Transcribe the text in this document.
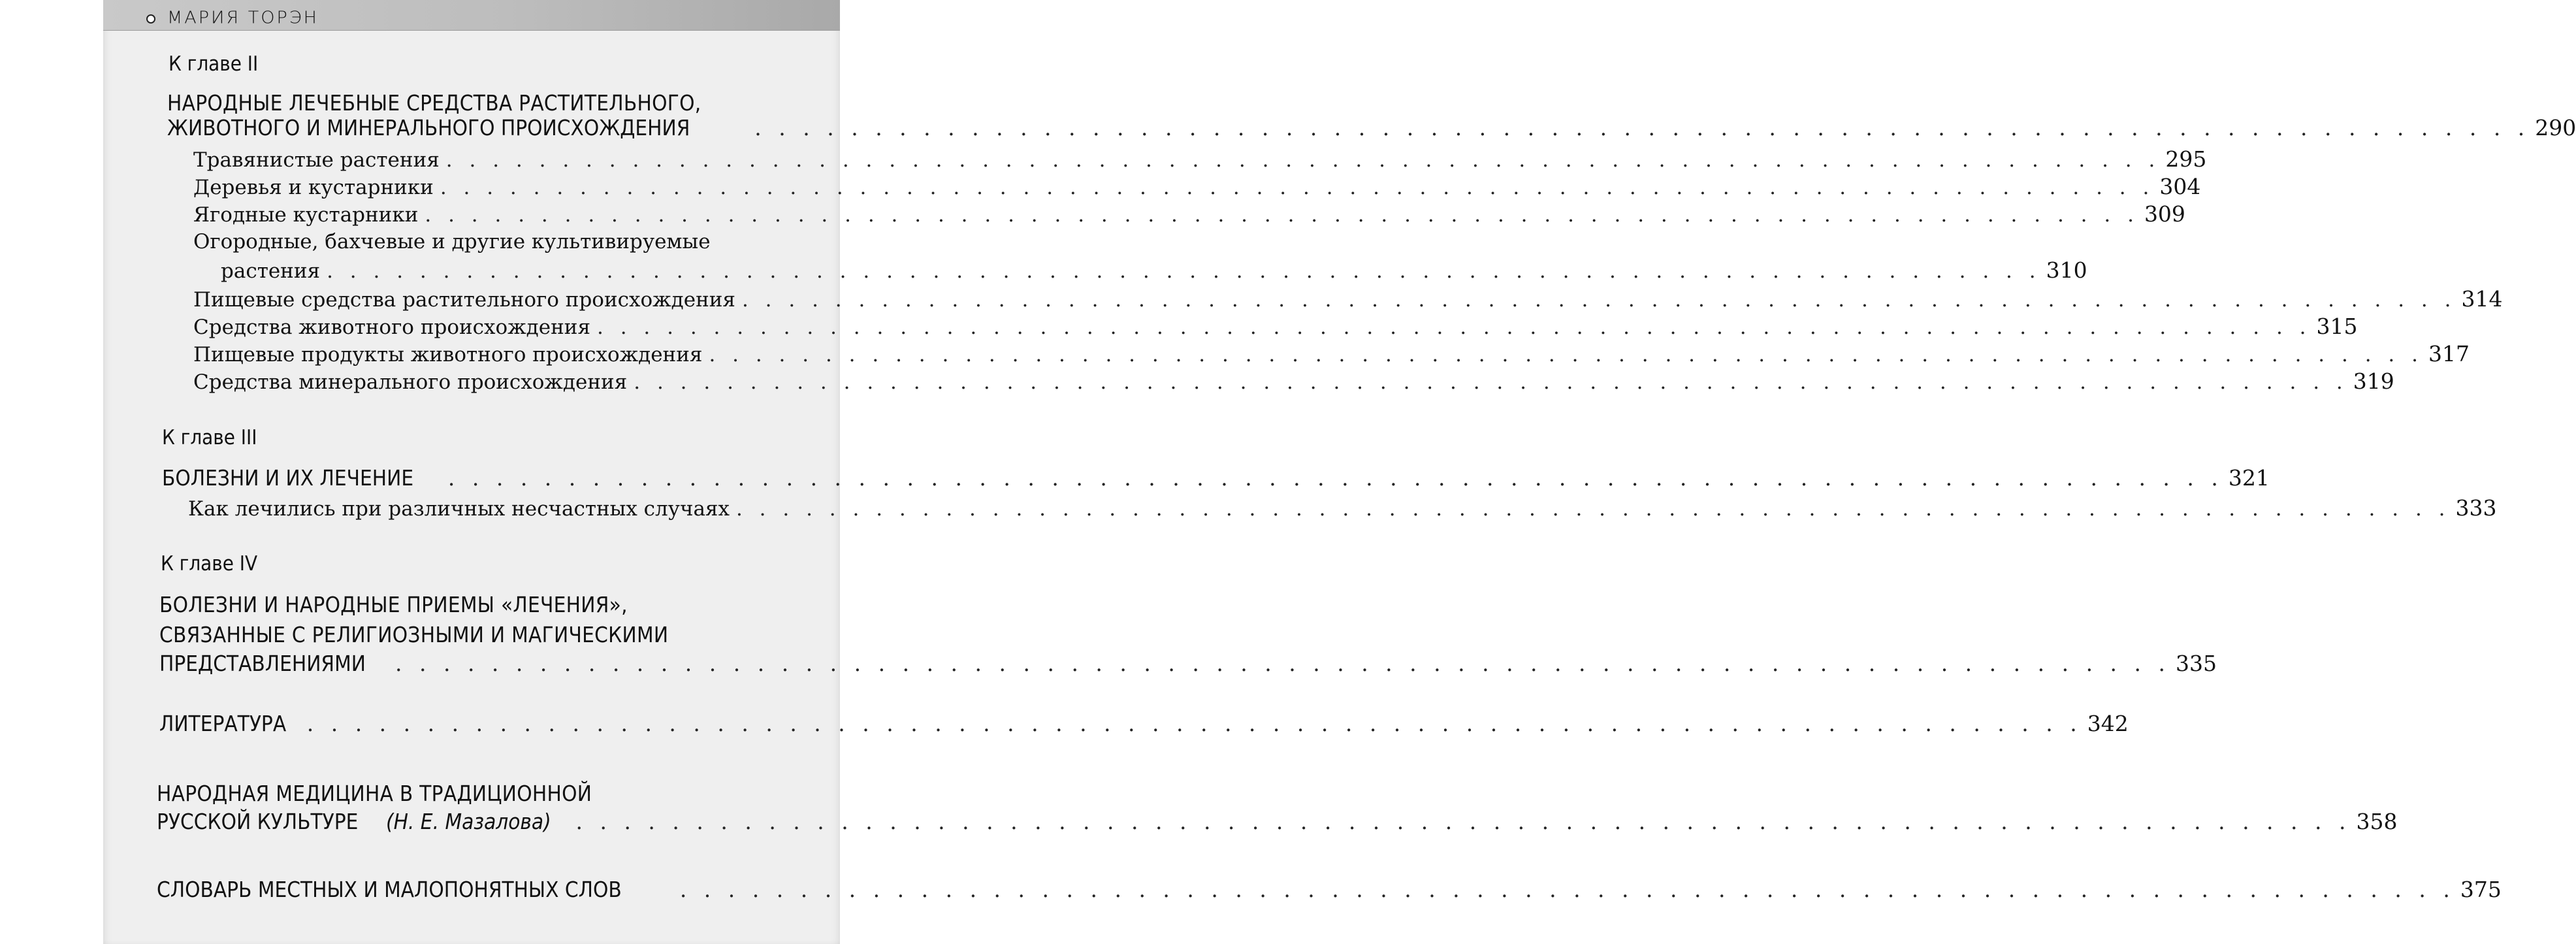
МАРИЯ ТОРЭН
К главе II
НАРОДНЫЕ ЛЕЧЕБНЫЕ СРЕДСТВА РАСТИТЕЛЬНОГО,
ЖИВОТНОГО И МИНЕРАЛЬНОГО ПРОИСХОЖДЕНИЯ	. . . . . . . . . . . . . . . . . . . . . . . . . . . . . . . . . . . . . . . . . . . . . . . . . . . . . . . . . . . . . . . . . . . . . . . . . . 290
Травянистые растения . . . . . . . . . . . . . . . . . . . . . . . . . . . . . . . . . . . . . . . . . . . . . . . . . . . . . . . . . . . . . . . . . . . . . . . . . . 295
Деревья и кустарники . . . . . . . . . . . . . . . . . . . . . . . . . . . . . . . . . . . . . . . . . . . . . . . . . . . . . . . . . . . . . . . . . . . . . . . . . . 304
Ягодные кустарники . . . . . . . . . . . . . . . . . . . . . . . . . . . . . . . . . . . . . . . . . . . . . . . . . . . . . . . . . . . . . . . . . . . . . . . . . . 309
Огородные, бахчевые и другие культивируемые
растения . . . . . . . . . . . . . . . . . . . . . . . . . . . . . . . . . . . . . . . . . . . . . . . . . . . . . . . . . . . . . . . . . . . . . . . . . . 310
Пищевые средства растительного происхождения . . . . . . . . . . . . . . . . . . . . . . . . . . . . . . . . . . . . . . . . . . . . . . . . . . . . . . . . . . . . . . . . . . . . . . . . . . 314
Средства животного происхождения . . . . . . . . . . . . . . . . . . . . . . . . . . . . . . . . . . . . . . . . . . . . . . . . . . . . . . . . . . . . . . . . . . . . . . . . . . 315
Пищевые продукты животного происхождения . . . . . . . . . . . . . . . . . . . . . . . . . . . . . . . . . . . . . . . . . . . . . . . . . . . . . . . . . . . . . . . . . . . . . . . . . . 317
Средства минерального происхождения . . . . . . . . . . . . . . . . . . . . . . . . . . . . . . . . . . . . . . . . . . . . . . . . . . . . . . . . . . . . . . . . . . . . . . . . . . 319
К главе III
БОЛЕЗНИ И ИХ ЛЕЧЕНИЕ . . . . . . . . . . . . . . . . . . . . . . . . . . . . . . . . . . . . . . . . . . . . . . . . . . . . . . . . . . . . . . . . . . . . . . . . . . 321
Как лечились при различных несчастных случаях . . . . . . . . . . . . . . . . . . . . . . . . . . . . . . . . . . . . . . . . . . . . . . . . . . . . . . . . . . . . . . . . . . . . . . . . . . 333
К главе IV
БОЛЕЗНИ И НАРОДНЫЕ ПРИЕМЫ «ЛЕЧЕНИЯ»,
СВЯЗАННЫЕ С РЕЛИГИОЗНЫМИ И МАГИЧЕСКИМИ
ПРЕДСТАВЛЕНИЯМИ . . . . . . . . . . . . . . . . . . . . . . . . . . . . . . . . . . . . . . . . . . . . . . . . . . . . . . . . . . . . . . . . . . . . . . . . . . 335
ЛИТЕРАТУРА . . . . . . . . . . . . . . . . . . . . . . . . . . . . . . . . . . . . . . . . . . . . . . . . . . . . . . . . . . . . . . . . . . . . . . . . . . 342
НАРОДНАЯ МЕДИЦИНА В ТРАДИЦИОННОЙ
РУССКОЙ КУЛЬТУРЕ (Н. Е. Мазалова) . . . . . . . . . . . . . . . . . . . . . . . . . . . . . . . . . . . . . . . . . . . . . . . . . . . . . . . . . . . . . . . . . . . . . . . . . . 358
СЛОВАРЬ МЕСТНЫХ И МАЛОПОНЯТНЫХ СЛОВ	. . . . . . . . . . . . . . . . . . . . . . . . . . . . . . . . . . . . . . . . . . . . . . . . . . . . . . . . . . . . . . . . . . . . . . . . . . 375
